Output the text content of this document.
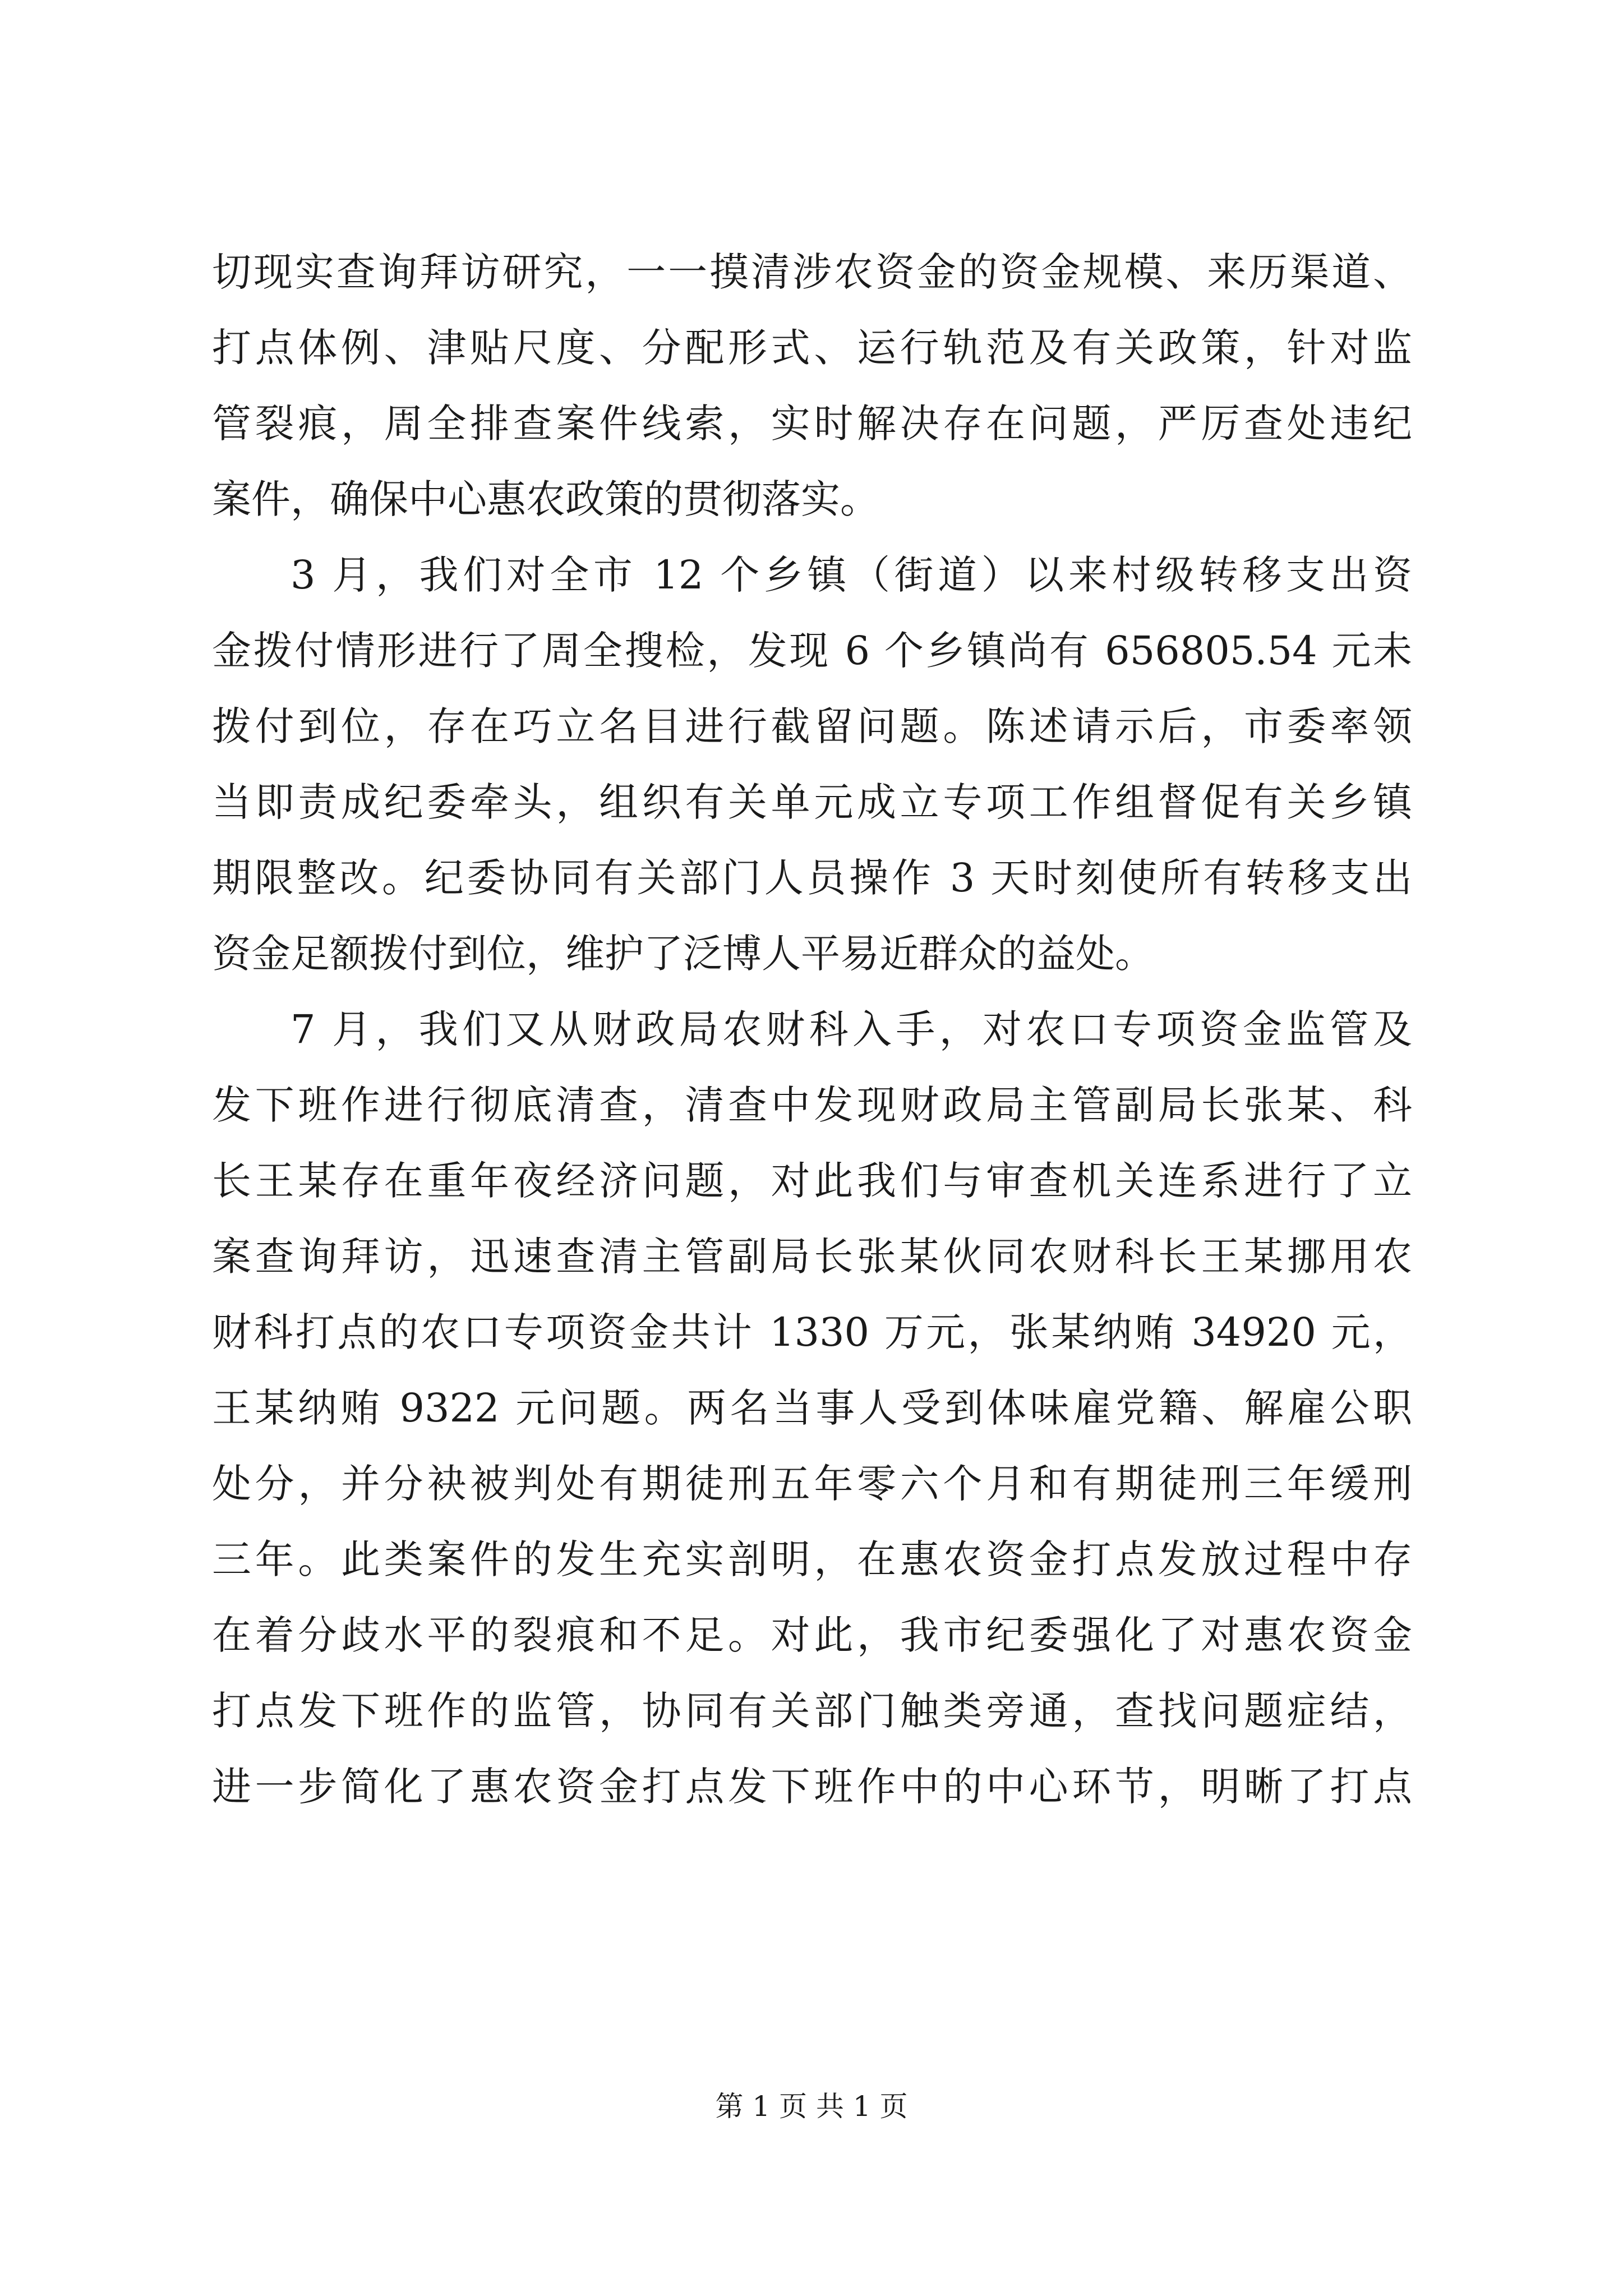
切现实查询拜访研究，一一摸清涉农资金的资金规模、来历渠道、
打点体例、津贴尺度、分配形式、运行轨范及有关政策，针对监
管裂痕，周全排查案件线索，实时解决存在问题，严厉查处违纪
案件，确保中心惠农政策的贯彻落实。
3 月，我们对全市 12 个乡镇（街道）以来村级转移支出资
金拨付情形进行了周全搜检，发现 6 个乡镇尚有 656805.54 元未
拨付到位，存在巧立名目进行截留问题。陈述请示后，市委率领
当即责成纪委牵头，组织有关单元成立专项工作组督促有关乡镇
期限整改。纪委协同有关部门人员操作 3 天时刻使所有转移支出
资金足额拨付到位，维护了泛博人平易近群众的益处。
7 月，我们又从财政局农财科入手，对农口专项资金监管及
发下班作进行彻底清查，清查中发现财政局主管副局长张某、科
长王某存在重年夜经济问题，对此我们与审查机关连系进行了立
案查询拜访，迅速查清主管副局长张某伙同农财科长王某挪用农
财科打点的农口专项资金共计 1330 万元，张某纳贿 34920 元，
王某纳贿 9322 元问题。两名当事人受到体味雇党籍、解雇公职
处分，并分袂被判处有期徒刑五年零六个月和有期徒刑三年缓刑
三年。此类案件的发生充实剖明，在惠农资金打点发放过程中存
在着分歧水平的裂痕和不足。对此，我市纪委强化了对惠农资金
打点发下班作的监管，协同有关部门触类旁通，查找问题症结，
进一步简化了惠农资金打点发下班作中的中心环节，明晰了打点
第 1 页 共 1 页
